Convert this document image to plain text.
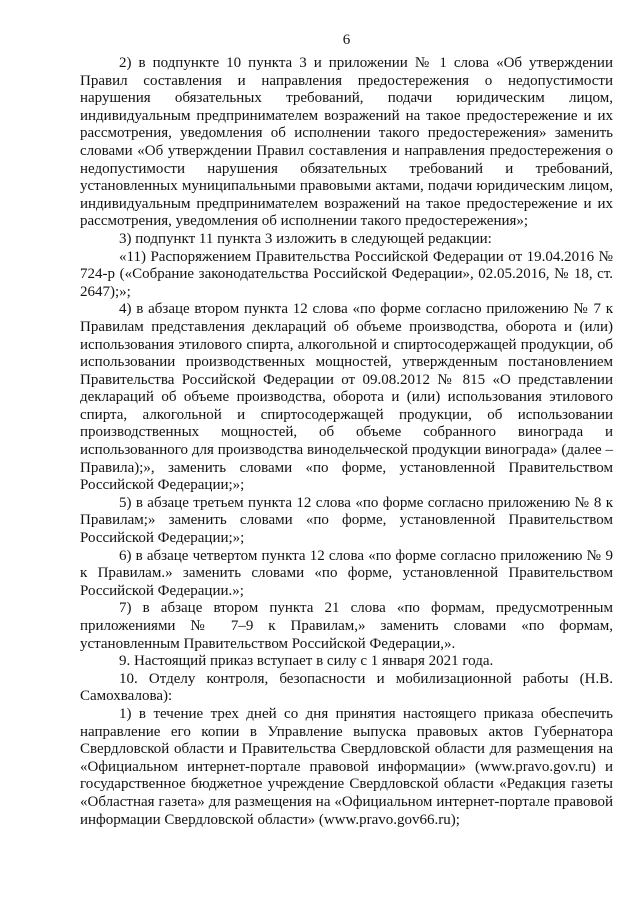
6

2) в подпункте 10 пункта 3 и приложении № 1 слова «Об утверждении Правил составления и направления предостережения о недопустимости нарушения обязательных требований, подачи юридическим лицом, индивидуальным предпринимателем возражений на такое предостережение и их рассмотрения, уведомления об исполнении такого предостережения» заменить словами «Об утверждении Правил составления и направления предостережения о недопустимости нарушения обязательных требований и требований, установленных муниципальными правовыми актами, подачи юридическим лицом, индивидуальным предпринимателем возражений на такое предостережение и их рассмотрения, уведомления об исполнении такого предостережения»;

3) подпункт 11 пункта 3 изложить в следующей редакции:

«11) Распоряжением Правительства Российской Федерации от 19.04.2016 № 724-р («Собрание законодательства Российской Федерации», 02.05.2016, № 18, ст. 2647);»;

4) в абзаце втором пункта 12 слова «по форме согласно приложению № 7 к Правилам представления деклараций об объеме производства, оборота и (или) использования этилового спирта, алкогольной и спиртосодержащей продукции, об использовании производственных мощностей, утвержденным постановлением Правительства Российской Федерации от 09.08.2012 № 815 «О представлении деклараций об объеме производства, оборота и (или) использования этилового спирта, алкогольной и спиртосодержащей продукции, об использовании производственных мощностей, об объеме собранного винограда и использованного для производства винодельческой продукции винограда» (далее – Правила);», заменить словами «по форме, установленной Правительством Российской Федерации;»;

5) в абзаце третьем пункта 12 слова «по форме согласно приложению № 8 к Правилам;» заменить словами «по форме, установленной Правительством Российской Федерации;»;

6) в абзаце четвертом пункта 12 слова «по форме согласно приложению № 9 к Правилам.» заменить словами «по форме, установленной Правительством Российской Федерации.»;

7) в абзаце втором пункта 21 слова «по формам, предусмотренным приложениями № 7–9 к Правилам,» заменить словами «по формам, установленным Правительством Российской Федерации,».

9. Настоящий приказ вступает в силу с 1 января 2021 года.

10. Отделу контроля, безопасности и мобилизационной работы (Н.В. Самохвалова):

1) в течение трех дней со дня принятия настоящего приказа обеспечить направление его копии в Управление выпуска правовых актов Губернатора Свердловской области и Правительства Свердловской области для размещения на «Официальном интернет-портале правовой информации» (www.pravo.gov.ru) и государственное бюджетное учреждение Свердловской области «Редакция газеты «Областная газета» для размещения на «Официальном интернет-портале правовой информации Свердловской области» (www.pravo.gov66.ru);
